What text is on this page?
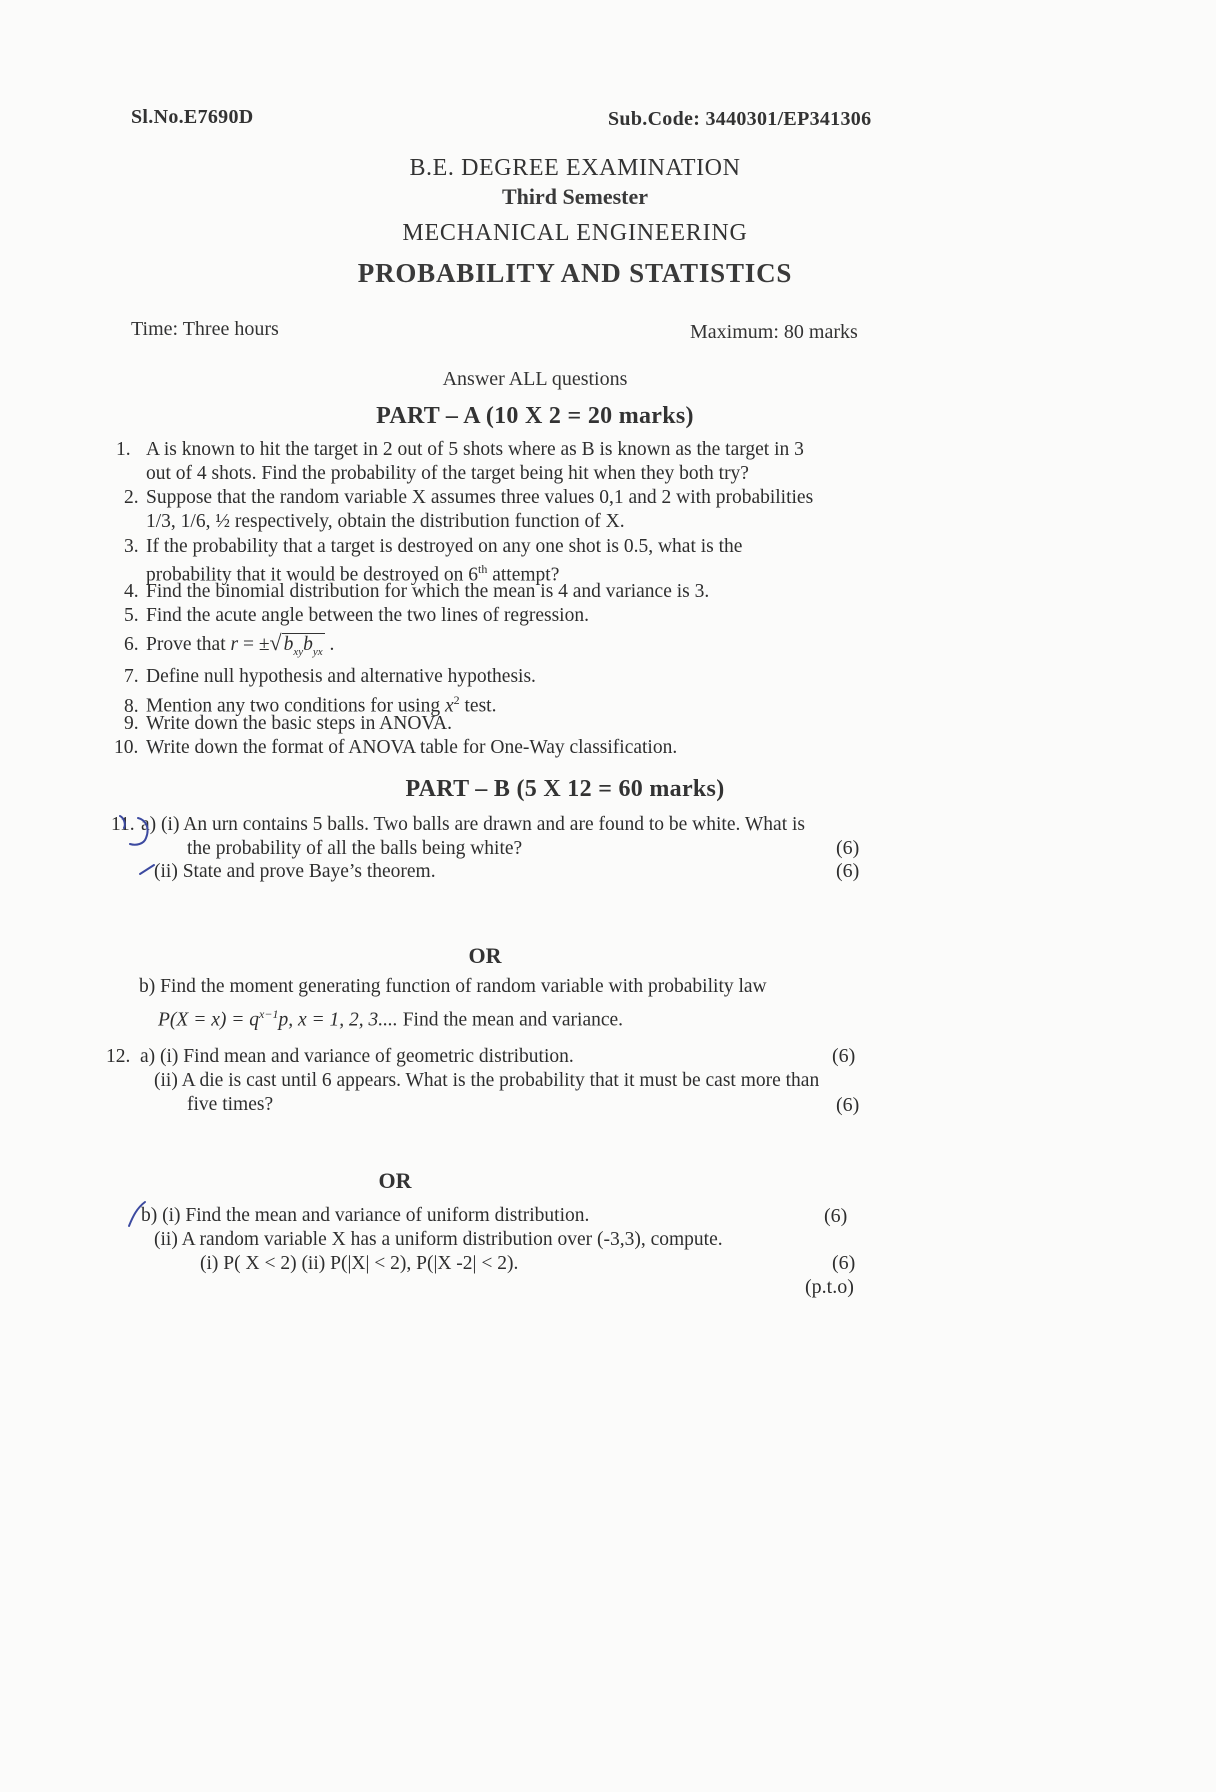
Sl.No.E7690D	Sub.Code: 3440301/EP341306
B.E. DEGREE EXAMINATION
Third Semester
MECHANICAL ENGINEERING
PROBABILITY AND STATISTICS
Time: Three hours	Maximum: 80 marks
Answer ALL questions
PART – A (10 X 2 = 20 marks)
1. A is known to hit the target in 2 out of 5 shots where as B is known as the target in 3
out of 4 shots. Find the probability of the target being hit when they both try?
2. Suppose that the random variable X assumes three values 0,1 and 2 with probabilities
1/3, 1/6, ½ respectively, obtain the distribution function of X.
3. If the probability that a target is destroyed on any one shot is 0.5, what is the
probability that it would be destroyed on 6th attempt?
4. Find the binomial distribution for which the mean is 4 and variance is 3.
5. Find the acute angle between the two lines of regression.
6. Prove that r = ±√ $b_{xy}b_{yx}$ .
7. Define null hypothesis and alternative hypothesis.
8. Mention any two conditions for using $x^2$ test.
9. Write down the basic steps in ANOVA.
10. Write down the format of ANOVA table for One-Way classification.
PART – B (5 X 12 = 60 marks)
11. a) (i) An urn contains 5 balls. Two balls are drawn and are found to be white. What is
the probability of all the balls being white?	(6)
(ii) State and prove Baye’s theorem.	(6)
OR
b) Find the moment generating function of random variable with probability law
$P(X = x) = q^{x-1}p$, x = 1, 2, 3.... Find the mean and variance.
12. a) (i) Find mean and variance of geometric distribution.	(6)
(ii) A die is cast until 6 appears. What is the probability that it must be cast more than
five times?	(6)
OR
b) (i) Find the mean and variance of uniform distribution.	(6)
(ii) A random variable X has a uniform distribution over (-3,3), compute.
(i) P( X < 2) (ii) P(|X| < 2), P(|X -2| < 2).	(6)
(p.t.o)
